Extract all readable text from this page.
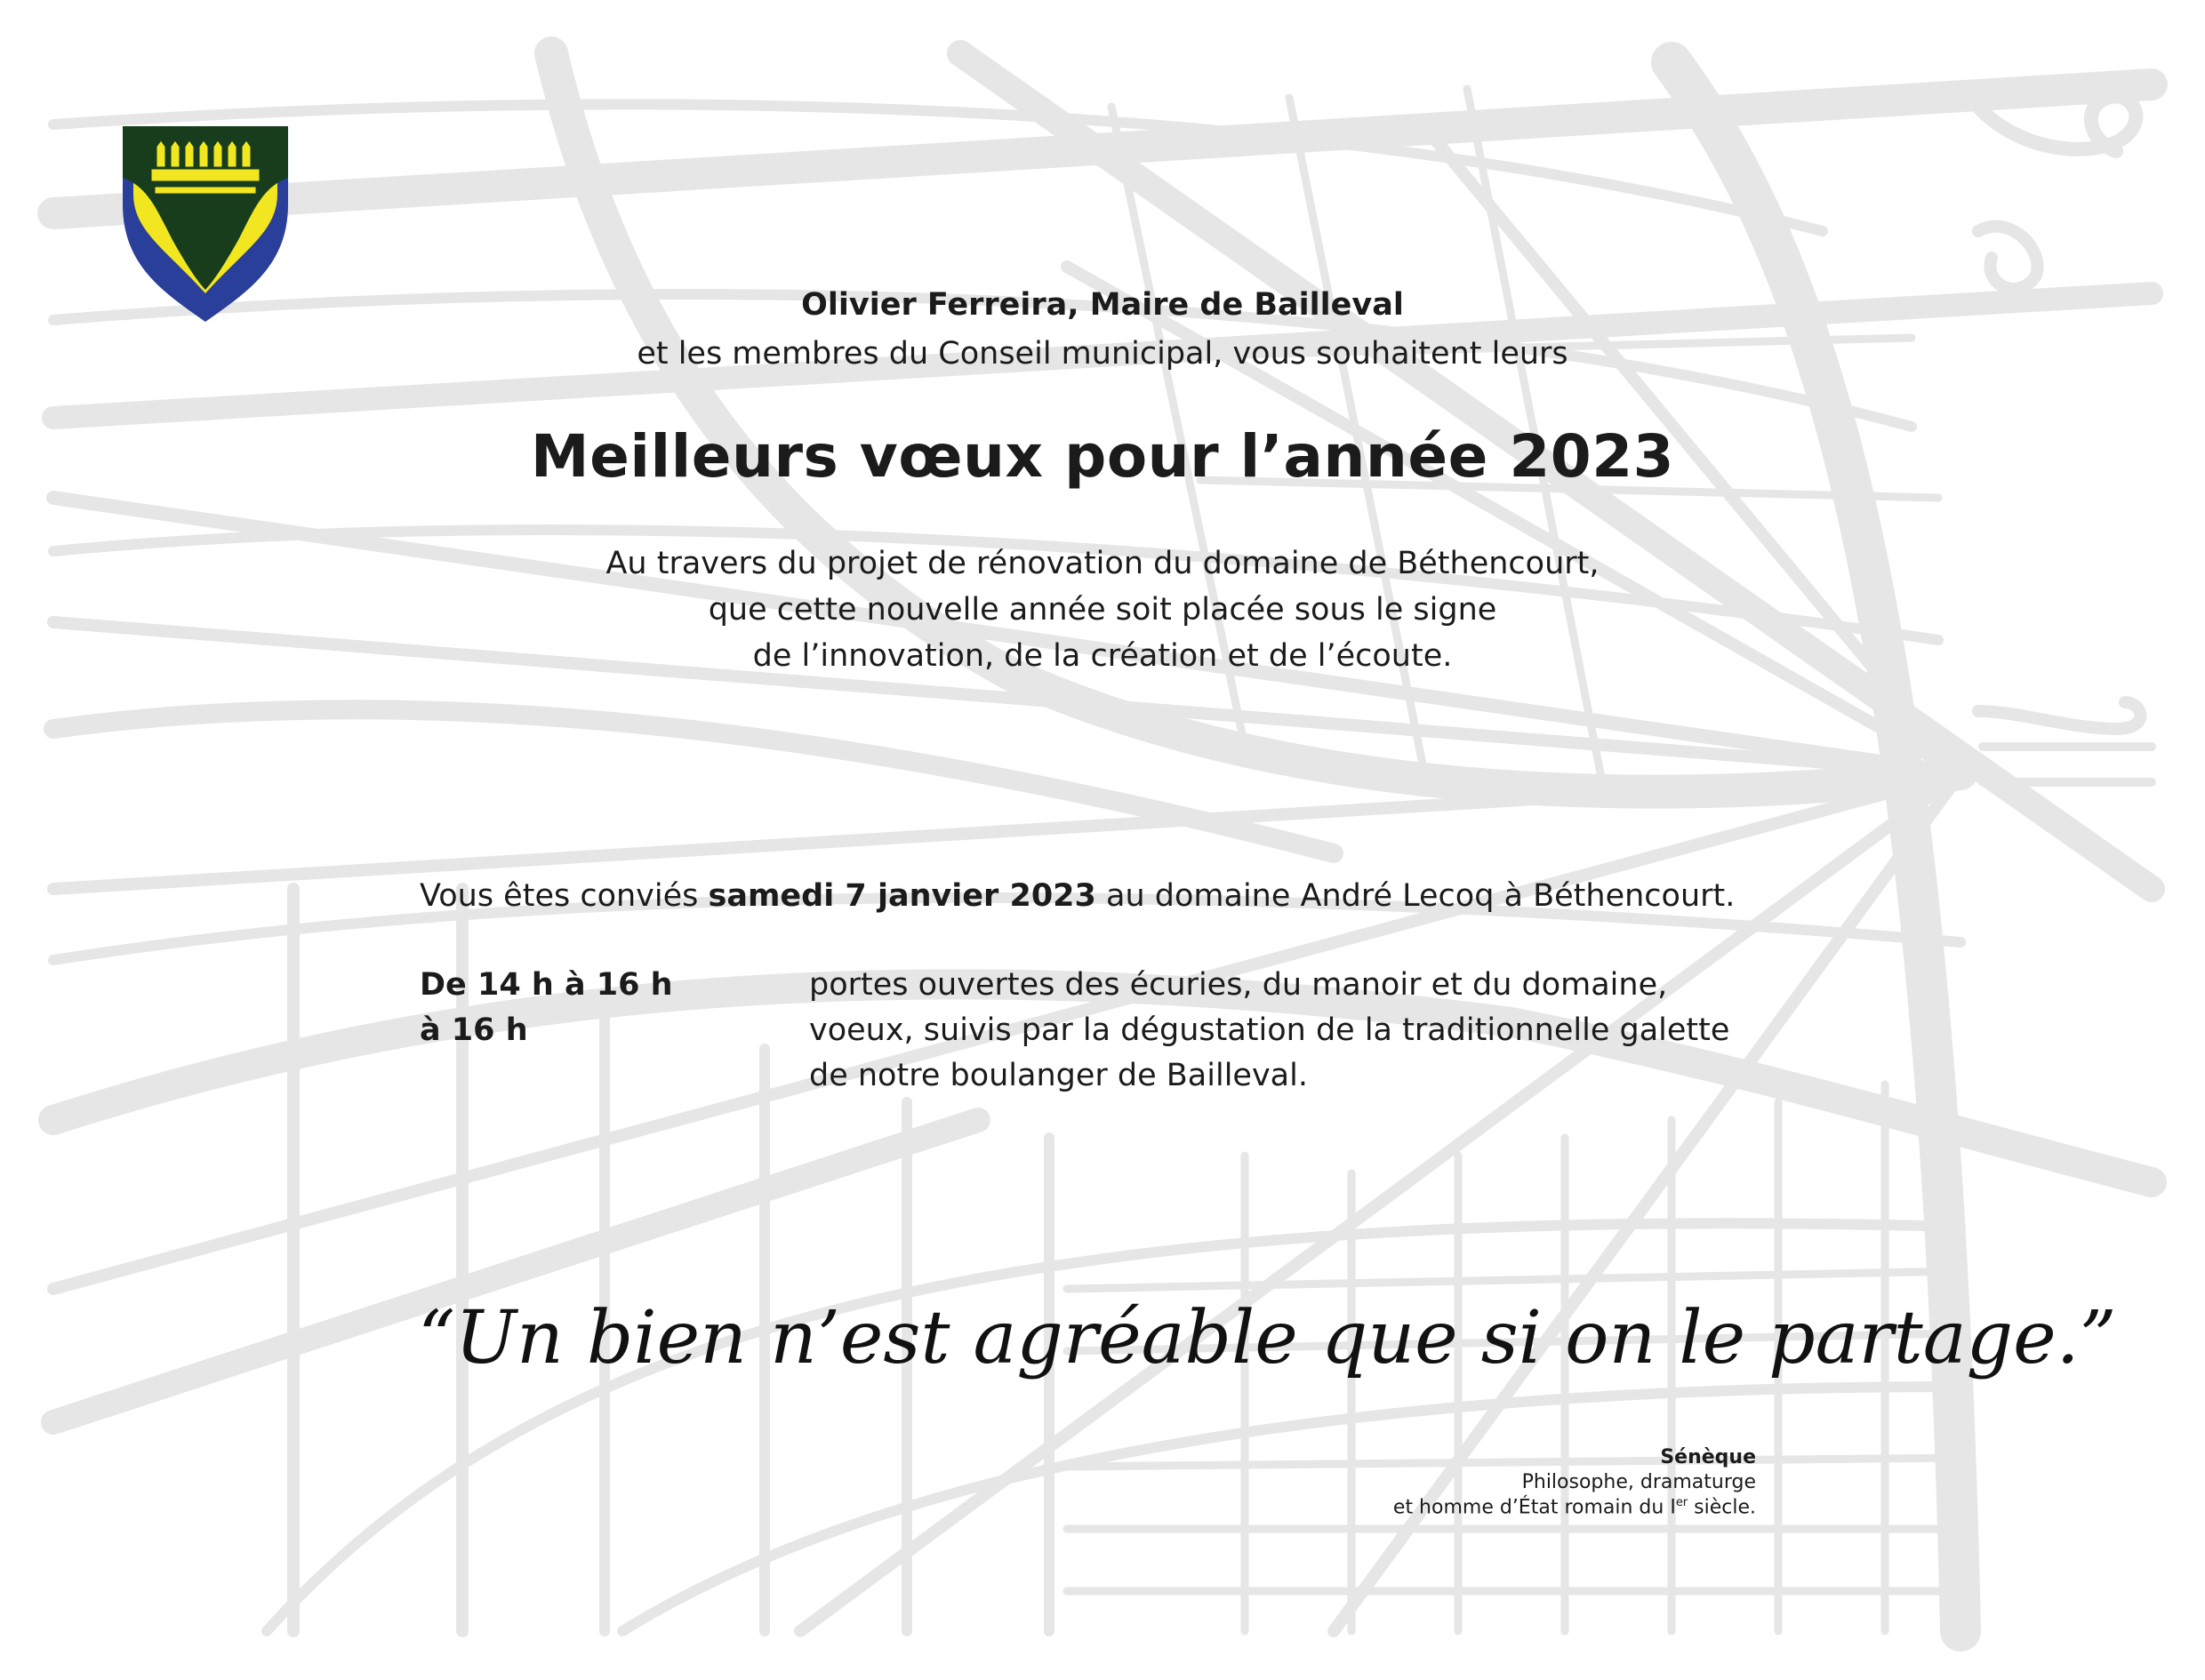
Olivier Ferreira, Maire de Bailleval
et les membres du Conseil municipal, vous souhaitent leurs
Meilleurs vœux pour l’année 2023
Au travers du projet de rénovation du domaine de Béthencourt,
que cette nouvelle année soit placée sous le signe
de l’innovation, de la création et de l’écoute.
Vous êtes conviés samedi 7 janvier 2023 au domaine André Lecoq à Béthencourt.
De 14 h à 16 h	portes ouvertes des écuries, du manoir et du domaine,
à 16 h	voeux, suivis par la dégustation de la traditionnelle galette
de notre boulanger de Bailleval.
“Un bien n’est agréable que si on le partage.”
Sénèque
Philosophe, dramaturge
et homme d’État romain du Ier siècle.
